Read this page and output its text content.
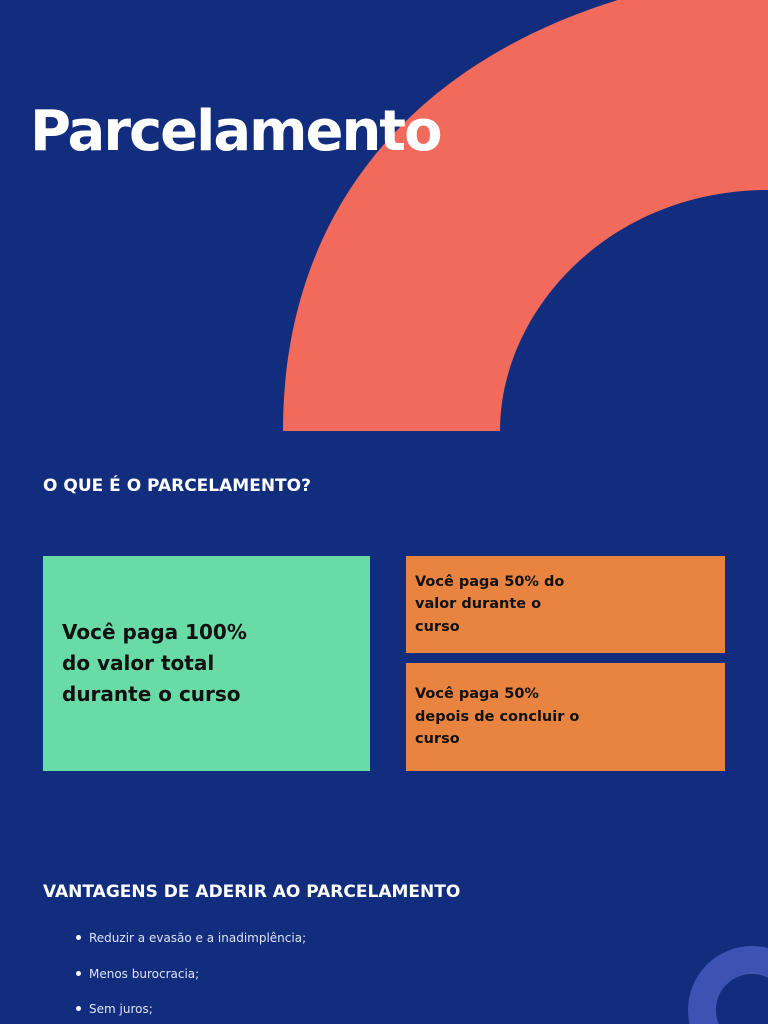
Parcelamento
O QUE É O PARCELAMENTO?
Você paga 100% do valor total durante o curso
Você paga 50% do valor durante o curso
Você paga 50% depois de concluir o curso
VANTAGENS DE ADERIR AO PARCELAMENTO
Reduzir a evasão e a inadimplência;
Menos burocracia;
Sem juros;
